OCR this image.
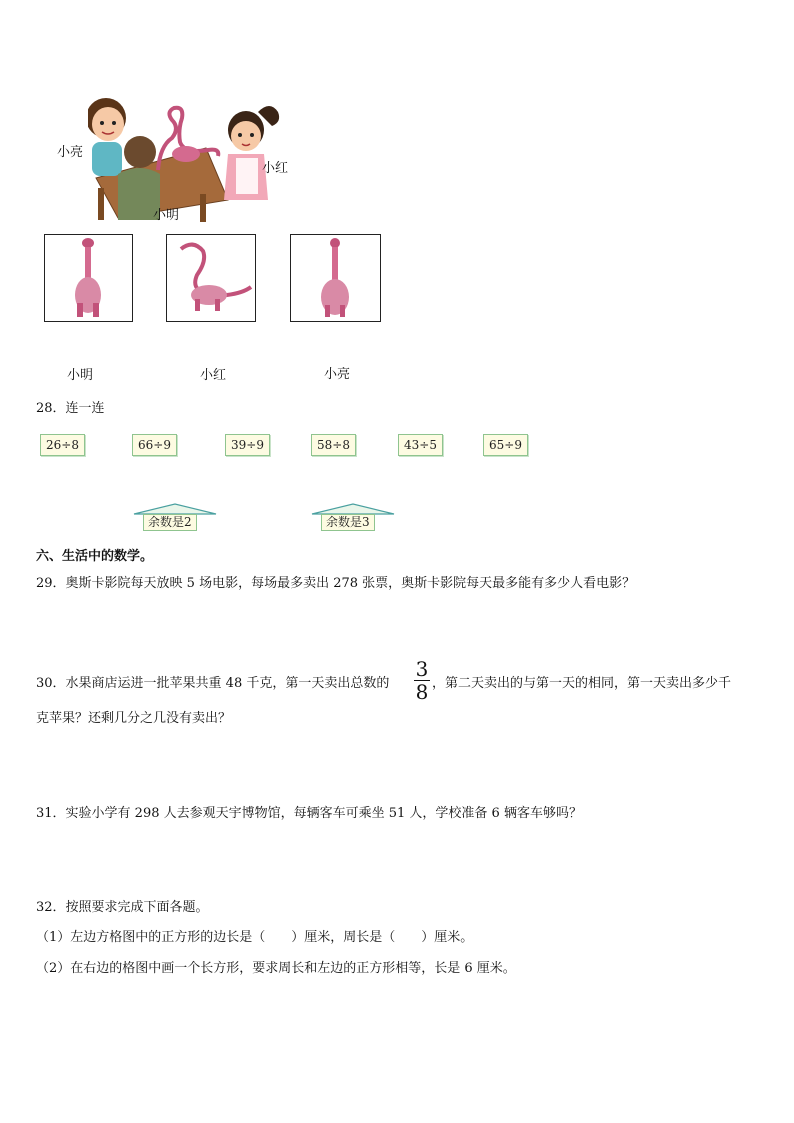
小亮
小红
小明
小明	小红	小亮
28．连一连
26÷8	66÷9	39÷9	58÷8	43÷5	65÷9
余数是2	余数是3
六、生活中的数学。
29．奥斯卡影院每天放映 5 场电影，每场最多卖出 278 张票，奥斯卡影院每天最多能有多少人看电影？
30．水果商店运进一批苹果共重 48 千克，第一天卖出总数的
3
8 ，第二天卖出的与第一天的相同，第一天卖出多少千
克苹果？还剩几分之几没有卖出？
31．实验小学有 298 人去参观天宇博物馆，每辆客车可乘坐 51 人，学校准备 6 辆客车够吗？
32．按照要求完成下面各题。
（1）左边方格图中的正方形的边长是（　　）厘米，周长是（　　）厘米。
（2）在右边的格图中画一个长方形，要求周长和左边的正方形相等，长是 6 厘米。
